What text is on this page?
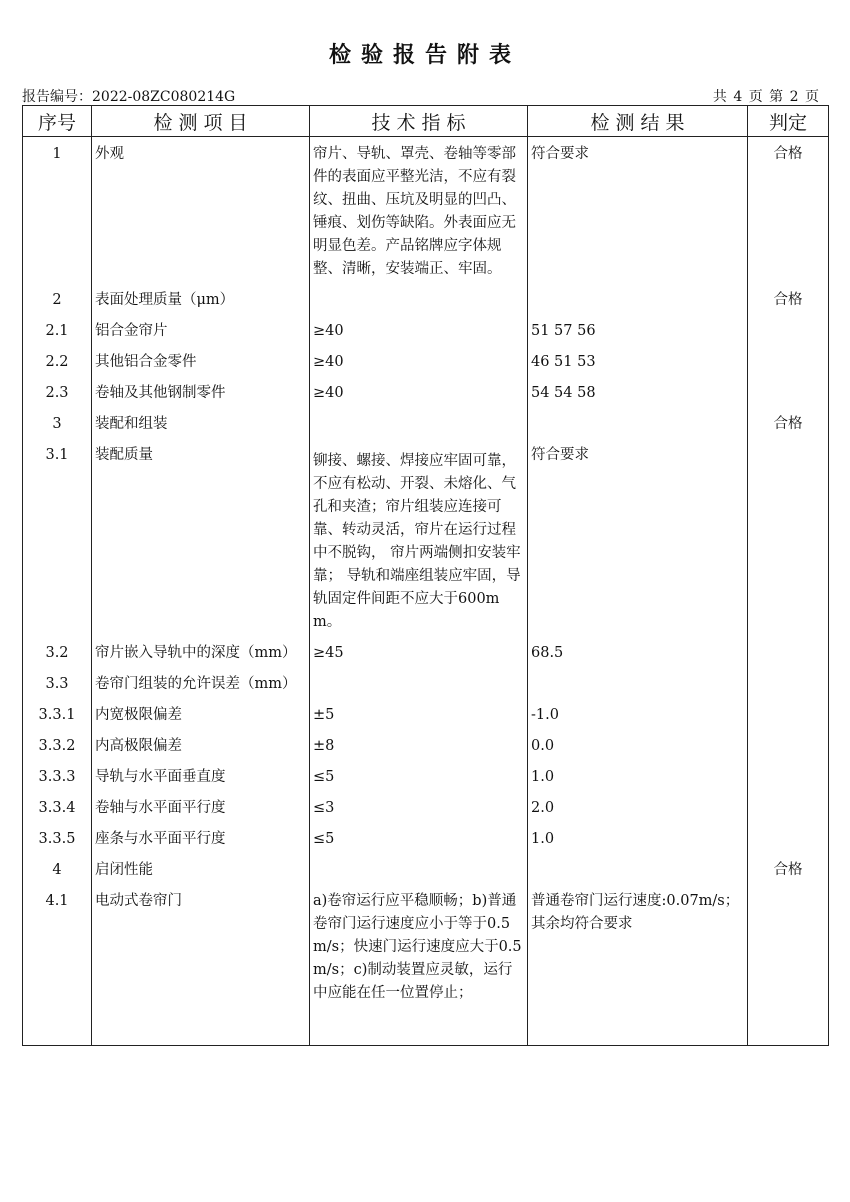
检验报告附表
报告编号：2022-08ZC080214G	共 4 页 第 2 页
序号	检 测 项 目	技 术 指 标	检 测 结 果	判定
1	外观	帘片、导轨、罩壳、卷轴等零部件的表面应平整光洁，不应有裂纹、扭曲、压坑及明显的凹凸、锤痕、划伤等缺陷。外表面应无明显色差。产品铭牌应字体规整、清晰，安装端正、牢固。	符合要求	合格
2	表面处理质量（μm）			合格
2.1	铝合金帘片	≥40	51 57 56	
2.2	其他铝合金零件	≥40	46 51 53	
2.3	卷轴及其他钢制零件	≥40	54 54 58	
3	装配和组装			合格
3.1	装配质量	铆接、螺接、焊接应牢固可靠，不应有松动、开裂、未熔化、气孔和夹渣；帘片组装应连接可靠、转动灵活，帘片在运行过程中不脱钩， 帘片两端侧扣安装牢靠； 导轨和端座组装应牢固，导轨固定件间距不应大于600mm。	符合要求	
3.2	帘片嵌入导轨中的深度（mm）	≥45	68.5	
3.3	卷帘门组装的允许误差（mm）			
3.3.1	内宽极限偏差	±5	-1.0	
3.3.2	内高极限偏差	±8	0.0	
3.3.3	导轨与水平面垂直度	≤5	1.0	
3.3.4	卷轴与水平面平行度	≤3	2.0	
3.3.5	座条与水平面平行度	≤5	1.0	
4	启闭性能			合格
4.1	电动式卷帘门	a)卷帘运行应平稳顺畅；b)普通卷帘门运行速度应小于等于0.5m/s；快速门运行速度应大于0.5m/s；c)制动装置应灵敏，运行中应能在任一位置停止；	普通卷帘门运行速度:0.07m/s；其余均符合要求	
